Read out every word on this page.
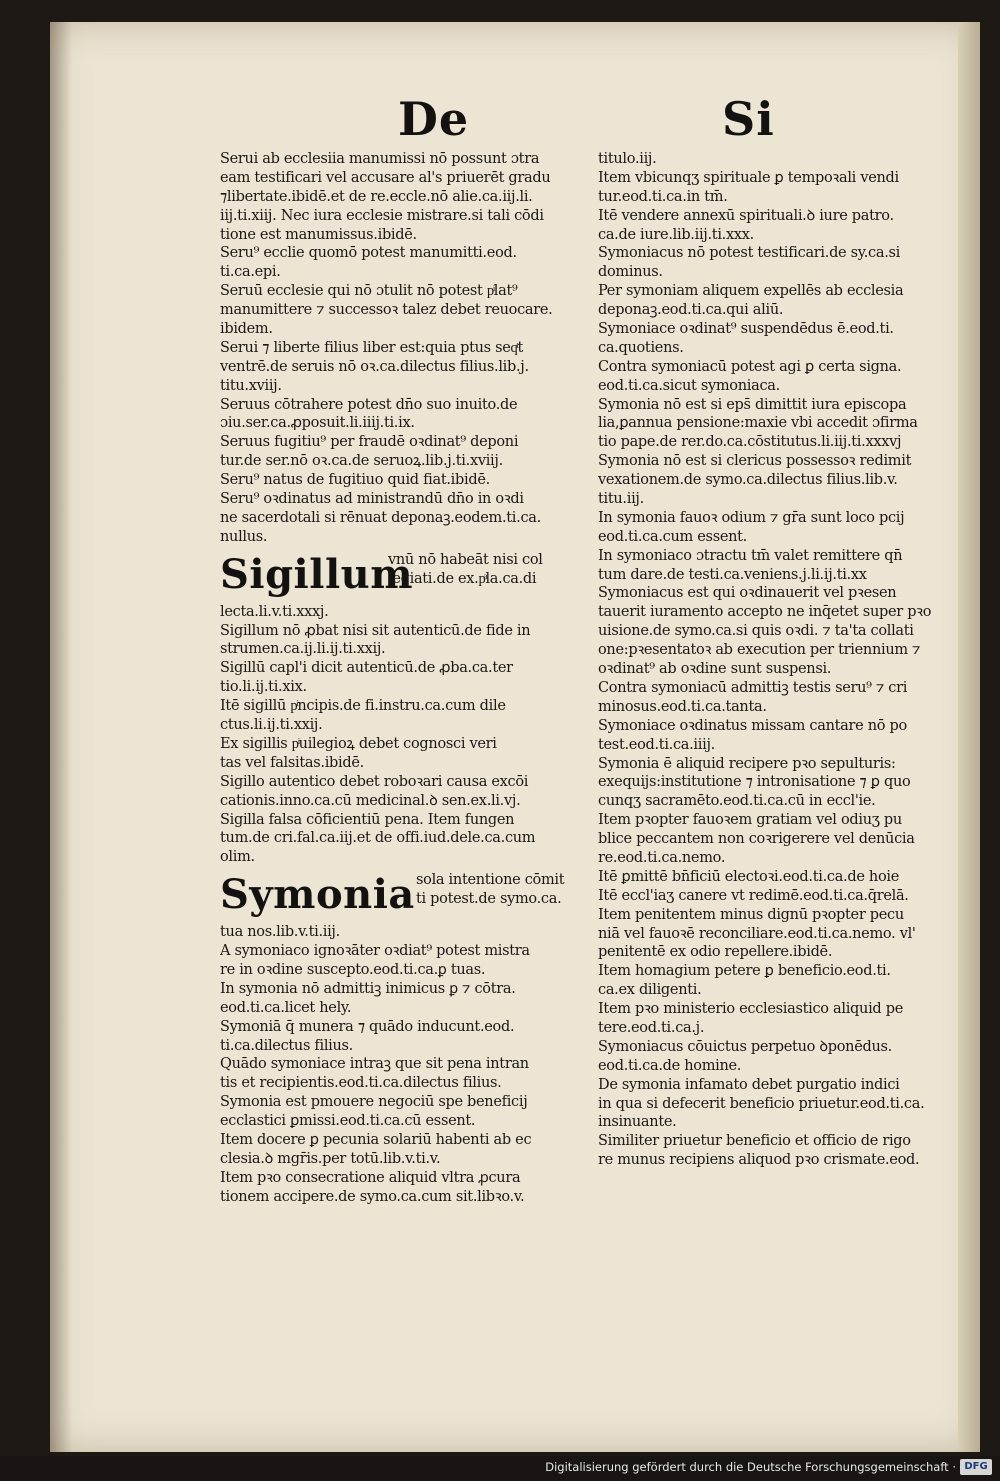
De	Si
Serui ab ecclesiia manumissi nō possunt ɔtra
eam testificari vel accusare al's priuerēt gradu
⁊libertate.ibidē.et de re.eccle.nō alie.ca.iij.li.
iij.ti.xiij. Nec iura ecclesie mistrare.si tali cōdi
tione est manumissus.ibidē.
Seru⁹ ecclie quomō potest manumitti.eod.
ti.ca.epi.
Seruū ecclesie qui nō ɔtulit nō potest pͥlat⁹
manumittere ⁊ successoꝛ talez debet reuocare.
ibidem.
Serui ⁊ liberte filius liber est:quia ptus seqͭt
ventrē.de seruis nō oꝛ.ca.dilectus filius.lib.j.
titu.xviij.
Seruus cōtrahere potest dn̄o suo inuito.de
ɔiu.ser.ca.ꝓposuit.li.iiij.ti.ix.
Seruus fugitiu⁹ per fraudē oꝛdinat⁹ deponi
tur.de ser.nō oꝛ.ca.de seruoꝝ.lib.j.ti.xviij.
Seru⁹ natus de fugitiuo quid fiat.ibidē.
Seru⁹ oꝛdinatus ad ministrandū dn̄o in oꝛdi
ne sacerdotali si rēnuat deponaꝫ.eodem.ti.ca.
nullus.
Sigillum
vnū nō habeāt nisi col
legiati.de ex.pͣla.ca.di
lecta.li.v.ti.xxxj.
Sigillum nō ꝓbat nisi sit autenticū.de fide in
strumen.ca.ij.li.ij.ti.xxij.
Sigillū capl'i dicit autenticū.de ꝓba.ca.ter
tio.li.ij.ti.xix.
Itē sigillū pͥncipis.de fi.instru.ca.cum dile
ctus.li.ij.ti.xxij.
Ex sigillis pͥuilegioꝝ debet cognosci veri
tas vel falsitas.ibidē.
Sigillo autentico debet roboꝛari causa excōi
cationis.inno.ca.cū medicinal.ꝺ sen.ex.li.vj.
Sigilla falsa cōficientiū pena. Item fungen
tum.de cri.fal.ca.iij.et de offi.iud.dele.ca.cum
olim.
Symonia sola intentione cōmit
ti potest.de symo.ca.
tua nos.lib.v.ti.iij.
A symoniaco ignoꝛāter oꝛdiat⁹ potest mistra
re in oꝛdine suscepto.eod.ti.ca.ꝑ tuas.
In symonia nō admittiꝫ inimicus ꝑ ⁊ cōtra.
eod.ti.ca.licet hely.
Symoniā q̄ munera ⁊ quādo inducunt.eod.
ti.ca.dilectus filius.
Quādo symoniace intraꝫ que sit pena intran
tis et recipientis.eod.ti.ca.dilectus filius.
Symonia est pmouere negociū spe beneficij
ecclastici ꝑmissi.eod.ti.ca.cū essent.
Item docere ꝑ pecunia solariū habenti ab ec
clesia.ꝺ mgr̄is.per totū.lib.v.ti.v.
Item pꝛo consecratione aliquid vltra ꝓcura
tionem accipere.de symo.ca.cum sit.libꝛo.v.
titulo.iij.
Item vbicunqʒ spirituale ꝑ tempoꝛali vendi
tur.eod.ti.ca.in tm̄.
Itē vendere annexū spirituali.ꝺ iure patro.
ca.de iure.lib.iij.ti.xxx.
Symoniacus nō potest testificari.de sy.ca.si
dominus.
Per symoniam aliquem expellēs ab ecclesia
deponaꝫ.eod.ti.ca.qui aliū.
Symoniace oꝛdinat⁹ suspendēdus ē.eod.ti.
ca.quotiens.
Contra symoniacū potest agi ꝑ certa signa.
eod.ti.ca.sicut symoniaca.
Symonia nō est si eps̄ dimittit iura episcopa
lia,ꝑannua pensione:maxie vbi accedit ɔfirma
tio pape.de rer.do.ca.cōstitutus.li.iij.ti.xxxvj
Symonia nō est si clericus possessoꝛ redimit
vexationem.de symo.ca.dilectus filius.lib.v.
titu.iij.
In symonia fauoꝛ odium ⁊ gr̄a sunt loco pcij
eod.ti.ca.cum essent.
In symoniaco ɔtractu tm̄ valet remittere qn̄
tum dare.de testi.ca.veniens.j.li.ij.ti.xx
Symoniacus est qui oꝛdinauerit vel pꝛesen
tauerit iuramento accepto ne inq̄etet super pꝛo
uisione.de symo.ca.si quis oꝛdi. ⁊ ta'ta collati
one:pꝛesentatoꝛ ab execution per triennium ⁊
oꝛdinat⁹ ab oꝛdine sunt suspensi.
Contra symoniacū admittiꝫ testis seru⁹ ⁊ cri
minosus.eod.ti.ca.tanta.
Symoniace oꝛdinatus missam cantare nō po
test.eod.ti.ca.iiij.
Symonia ē aliquid recipere pꝛo sepulturis:
exequijs:institutione ⁊ intronisatione ⁊ ꝑ quo
cunqʒ sacramēto.eod.ti.ca.cū in eccl'ie.
Item pꝛopter fauoꝛem gratiam vel odiuʒ pu
blice peccantem non coꝛrigerere vel denūcia
re.eod.ti.ca.nemo.
Itē ꝑmittē bn̄ficiū electoꝛi.eod.ti.ca.de hoie
Itē eccl'iaʒ canere vt redimē.eod.ti.ca.q̄relā.
Item penitentem minus dignū pꝛopter pecu
niā vel fauoꝛē reconciliare.eod.ti.ca.nemo. vl'
penitentē ex odio repellere.ibidē.
Item homagium petere ꝑ beneficio.eod.ti.
ca.ex diligenti.
Item pꝛo ministerio ecclesiastico aliquid pe
tere.eod.ti.ca.j.
Symoniacus cōuictus perpetuo ꝺponēdus.
eod.ti.ca.de homine.
De symonia infamato debet purgatio indici
in qua si defecerit beneficio priuetur.eod.ti.ca.
insinuante.
Similiter priuetur beneficio et officio de rigo
re munus recipiens aliquod pꝛo crismate.eod.
Digitalisierung gefördert durch die Deutsche Forschungsgemeinschaft · DFG
